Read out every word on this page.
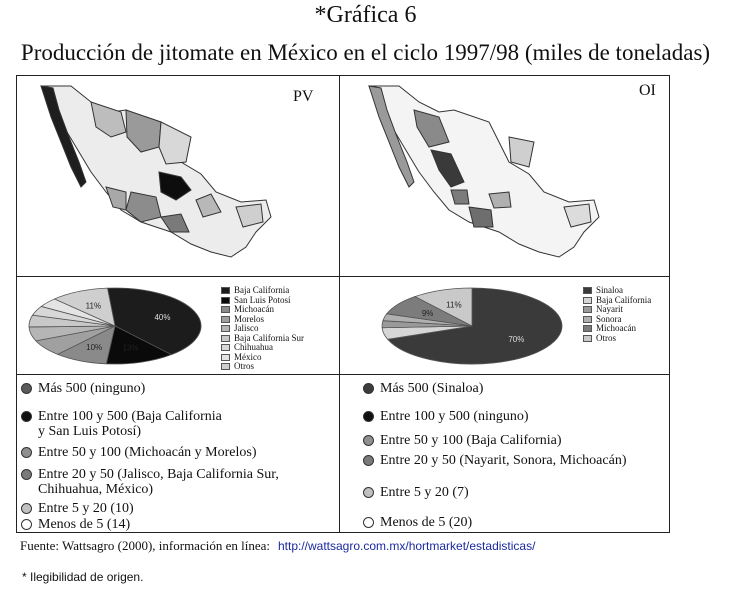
*Gráfica 6
Producción de jitomate en México en el ciclo 1997/98 (miles de toneladas)
PV	OI
40%
13%
10%
11%
Baja California
San Luis Potosí
Michoacán
Morelos
Jalisco
Baja California Sur
Chihuahua
México
Otros
70%
9%
11%
Sinaloa
Baja California
Nayarit
Sonora
Michoacán
Otros
Más 500 (ninguno)
Entre 100 y 500 (Baja California
y San Luis Potosí)
Entre 50 y 100 (Michoacán y Morelos)
Entre 20 y 50 (Jalisco, Baja California Sur,
Chihuahua, México)
Entre 5 y 20 (10)
Menos de 5 (14)
Más 500 (Sinaloa)
Entre 100 y 500 (ninguno)
Entre 50 y 100 (Baja California)
Entre 20 y 50 (Nayarit, Sonora, Michoacán)
Entre 5 y 20 (7)
Menos de 5 (20)
Fuente: Wattsagro (2000), información en línea: http://wattsagro.com.mx/hortmarket/estadisticas/
* Ilegibilidad de origen.
